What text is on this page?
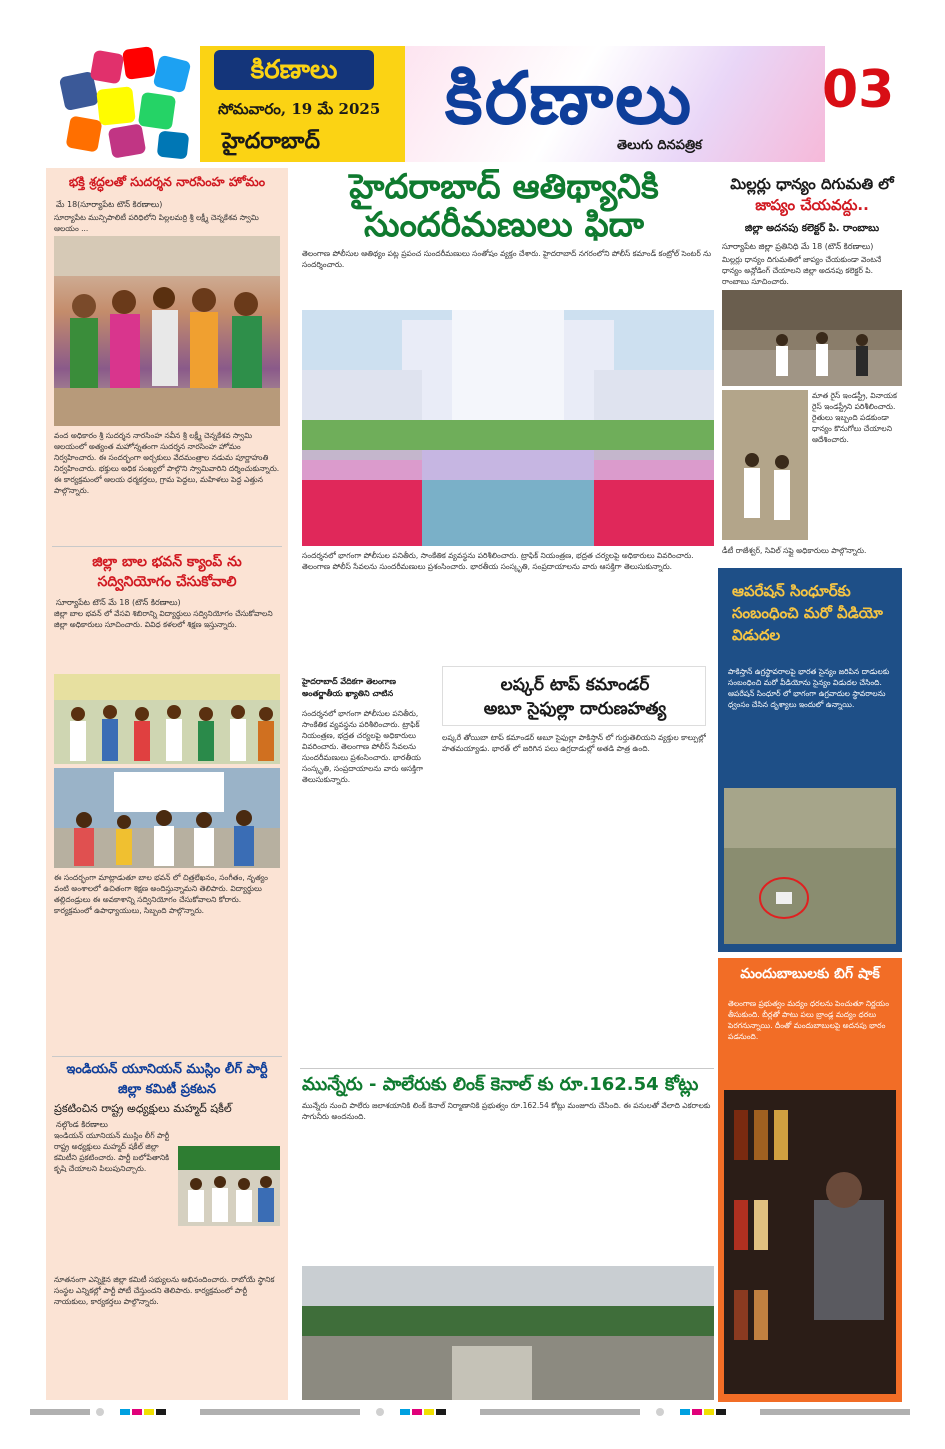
కిరణాలు
సోమవారం, 19 మే 2025
హైదరాబాద్
కిరణాలు
తెలుగు దినపత్రిక
03
భక్తి శ్రద్ధలతో సుదర్శన నారసింహ హోమం
మే 18(సూర్యాపేట టౌన్ కిరణాలు)
సూర్యాపేట మున్సిపాలిటీ పరిధిలోని పిల్లలమర్రి శ్రీ లక్ష్మీ చెన్నకేశవ స్వామి ఆలయం ...
వంద అధికారం శ్రీ సుదర్శన నారసింహ నవీన శ్రీ లక్ష్మీ చెన్నకేశవ స్వామి ఆలయంలో అత్యంత మహోన్నతంగా సుదర్శన నారసింహ హోమం నిర్వహించారు. ఈ సందర్భంగా అర్చకులు వేదమంత్రాల నడుమ పూర్ణాహుతి నిర్వహించారు. భక్తులు అధిక సంఖ్యలో పాల్గొని స్వామివారిని దర్శించుకున్నారు. ఈ కార్యక్రమంలో ఆలయ ధర్మకర్తలు, గ్రామ పెద్దలు, మహిళలు పెద్ద ఎత్తున పాల్గొన్నారు.
జిల్లా బాల భవన్ క్యాంప్ ను సద్వినియోగం చేసుకోవాలి
సూర్యాపేట టౌన్ మే 18 (టౌన్ కిరణాలు)
జిల్లా బాల భవన్ లో వేసవి శిబిరాన్ని విద్యార్థులు సద్వినియోగం చేసుకోవాలని జిల్లా అధికారులు సూచించారు. వివిధ కళలలో శిక్షణ ఇస్తున్నారు.
ఈ సందర్భంగా మాట్లాడుతూ బాల భవన్ లో చిత్రలేఖనం, సంగీతం, నృత్యం వంటి అంశాలలో ఉచితంగా శిక్షణ అందిస్తున్నామని తెలిపారు. విద్యార్థులు తల్లిదండ్రులు ఈ అవకాశాన్ని సద్వినియోగం చేసుకోవాలని కోరారు. కార్యక్రమంలో ఉపాధ్యాయులు, సిబ్బంది పాల్గొన్నారు.
ఇండియన్ యూనియన్ ముస్లిం లీగ్ పార్టీ జిల్లా కమిటీ ప్రకటన
ప్రకటించిన రాష్ట్ర అధ్యక్షులు మహ్మద్ షకీల్
నల్గొండ కిరణాలు
ఇండియన్ యూనియన్ ముస్లిం లీగ్ పార్టీ రాష్ట్ర అధ్యక్షులు మహ్మద్ షకీల్ జిల్లా కమిటీని ప్రకటించారు. పార్టీ బలోపేతానికి కృషి చేయాలని పిలుపునిచ్చారు.
నూతనంగా ఎన్నికైన జిల్లా కమిటీ సభ్యులను అభినందించారు. రాబోయే స్థానిక సంస్థల ఎన్నికల్లో పార్టీ పోటీ చేస్తుందని తెలిపారు. కార్యక్రమంలో పార్టీ నాయకులు, కార్యకర్తలు పాల్గొన్నారు.
హైదరాబాద్ ఆతిథ్యానికి
సుందరీమణులు ఫిదా
తెలంగాణ పోలీసుల ఆతిథ్యం పట్ల ప్రపంచ సుందరీమణులు సంతోషం వ్యక్తం చేశారు. హైదరాబాద్ నగరంలోని పోలీస్ కమాండ్ కంట్రోల్ సెంటర్ ను సందర్శించారు.
సందర్శనలో భాగంగా పోలీసుల పనితీరు, సాంకేతిక వ్యవస్థను పరిశీలించారు. ట్రాఫిక్ నియంత్రణ, భద్రత చర్యలపై అధికారులు వివరించారు. తెలంగాణ పోలీస్ సేవలను సుందరీమణులు ప్రశంసించారు. భారతీయ సంస్కృతి, సంప్రదాయాలను వారు ఆసక్తిగా తెలుసుకున్నారు.
హైదరాబాద్ వేదికగా తెలంగాణ అంతర్జాతీయ ఖ్యాతిని చాటిన
సందర్శనలో భాగంగా పోలీసుల పనితీరు, సాంకేతిక వ్యవస్థను పరిశీలించారు. ట్రాఫిక్ నియంత్రణ, భద్రత చర్యలపై అధికారులు వివరించారు. తెలంగాణ పోలీస్ సేవలను సుందరీమణులు ప్రశంసించారు. భారతీయ సంస్కృతి, సంప్రదాయాలను వారు ఆసక్తిగా తెలుసుకున్నారు.
లష్కర్ టాప్ కమాండర్
అబూ సైఫుల్లా దారుణహత్య
లష్కరే తోయిబా టాప్ కమాండర్ అబూ సైఫుల్లా పాకిస్తాన్ లో గుర్తుతెలియని వ్యక్తుల కాల్పుల్లో హతమయ్యాడు. భారత్ లో జరిగిన పలు ఉగ్రదాడుల్లో అతడి పాత్ర ఉంది.
మున్నేరు - పాలేరుకు లింక్ కెనాల్ కు రూ.162.54 కోట్లు
మున్నేరు నుంచి పాలేరు జలాశయానికి లింక్ కెనాల్ నిర్మాణానికి ప్రభుత్వం రూ.162.54 కోట్లు మంజూరు చేసింది. ఈ పనులతో వేలాది ఎకరాలకు సాగునీరు అందనుంది.
మిల్లర్లు ధాన్యం దిగుమతి లో
జాప్యం చేయవద్దు..
జిల్లా అదనపు కలెక్టర్ పి. రాంబాబు
సూర్యాపేట జిల్లా ప్రతినిధి మే 18 (టౌన్ కిరణాలు)
మిల్లర్లు ధాన్యం దిగుమతిలో జాప్యం చేయకుండా వెంటనే ధాన్యం అన్లోడింగ్ చేయాలని జిల్లా అదనపు కలెక్టర్ పి. రాంబాబు సూచించారు.
మాత రైస్ ఇండస్ట్రీ, వినాయక రైస్ ఇండస్ట్రీని పరిశీలించారు. రైతులు ఇబ్బంది పడకుండా ధాన్యం కొనుగోలు చేయాలని ఆదేశించారు.
డీటీ రాజేశ్వర్, సివిల్ సప్లై అధికారులు పాల్గొన్నారు.
ఆపరేషన్ సింధూర్‌కు సంబంధించి మరో వీడియో విడుదల
పాకిస్తాన్ ఉగ్రస్థావరాలపై భారత సైన్యం జరిపిన దాడులకు సంబంధించి మరో వీడియోను సైన్యం విడుదల చేసింది. ఆపరేషన్ సింధూర్ లో భాగంగా ఉగ్రవాదుల స్థావరాలను ధ్వంసం చేసిన దృశ్యాలు ఇందులో ఉన్నాయి.
మందుబాబులకు బిగ్ షాక్
తెలంగాణ ప్రభుత్వం మద్యం ధరలను పెంచుతూ నిర్ణయం తీసుకుంది. బీర్లతో పాటు పలు బ్రాండ్ల మద్యం ధరలు పెరగనున్నాయి. దీంతో మందుబాబులపై అదనపు భారం పడనుంది.
